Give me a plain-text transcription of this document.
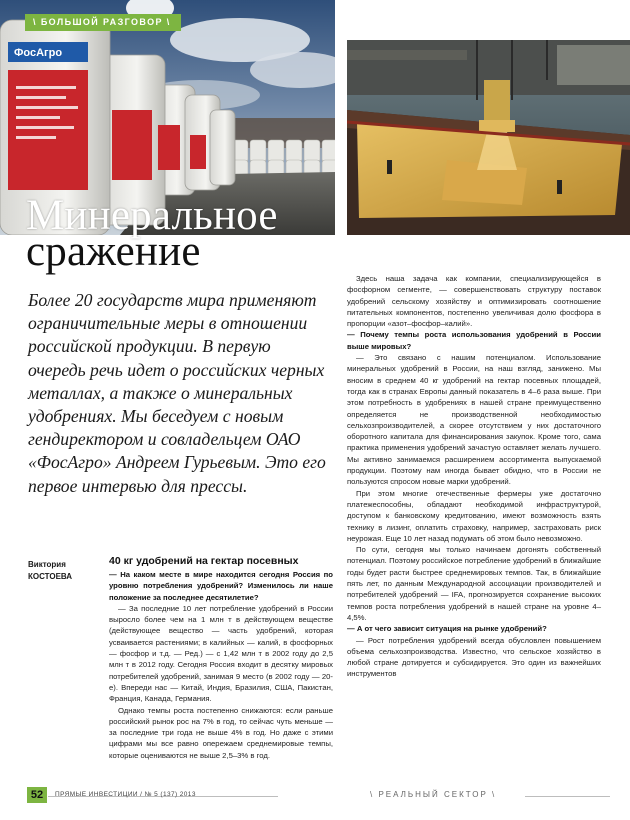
ФосАгро
\ БОЛЬШОЙ РАЗГОВОР \
Минеральное
сражение
Более 20 государств мира применяют ограничительные меры в отношении российской продукции. В первую очередь речь идет о российских черных металлах, а также о минеральных удобрениях. Мы беседуем с новым гендиректором и совладельцем ОАО «ФосАгро» Андреем Гурьевым. Это его первое интервью для прессы.
Виктория
КОСТОЕВА

40 кг удобрений на гектар посевных

— На каком месте в мире находится сегодня Россия по уровню потребления удобрений? Изменилось ли наше положение за последнее десятилетие?

— За последние 10 лет потребление удобрений в России выросло более чем на 1 млн т в действующем веществе (действующее вещество — часть удобрений, которая усваивается растениями; в калийных — калий, в фосфорных — фосфор и т.д. — Ред.) — с 1,42 млн т в 2002 году до 2,5 млн т в 2012 году. Сегодня Россия входит в десятку мировых потребителей удобрений, занимая 9 место (в 2002 году — 20-е). Впереди нас — Китай, Индия, Бразилия, США, Пакистан, Франция, Канада, Германия.

Однако темпы роста постепенно снижаются: если раньше российский рынок рос на 7% в год, то сейчас чуть меньше — за последние три года не выше 4% в год. Но даже с этими цифрами мы все равно опережаем среднемировые темпы, которые оцениваются не выше 2,5–3% в год.

Здесь наша задача как компании, специализирующейся в фосфорном сегменте, — совершенствовать структуру поставок удобрений сельскому хозяйству и оптимизировать соотношение питательных компонентов, постепенно увеличивая долю фосфора в пропорции «азот–фосфор–калий».

— Почему темпы роста использования удобрений в России выше мировых?

— Это связано с нашим потенциалом. Использование минеральных удобрений в России, на наш взгляд, занижено. Мы вносим в среднем 40 кг удобрений на гектар посевных площадей, тогда как в странах Европы данный показатель в 4–6 раза выше. При этом потребность в удобрениях в нашей стране преимущественно определяется не производственной необходимостью сельхозпроизводителей, а скорее отсутствием у них достаточного оборотного капитала для финансирования закупок. Кроме того, сама практика применения удобрений зачастую оставляет желать лучшего. Мы активно занимаемся расширением ассортимента выпускаемой продукции. Поэтому нам иногда бывает обидно, что в России не пользуются спросом новые марки удобрений.

При этом многие отечественные фермеры уже достаточно платежеспособны, обладают необходимой инфраструктурой, доступом к банковскому кредитованию, имеют возможность взять технику в лизинг, оплатить страховку, например, застраховать риск неурожая. Еще 10 лет назад подумать об этом было невозможно.

По сути, сегодня мы только начинаем догонять собственный потенциал. Поэтому российское потребление удобрений в ближайшие годы будет расти быстрее среднемировых темпов. Так, в ближайшие пять лет, по данным Международной ассоциации производителей и потребителей удобрений — IFA, прогнозируется сохранение высоких темпов роста потребления удобрений в нашей стране на уровне 4–4,5%.

— А от чего зависит ситуация на рынке удобрений?

— Рост потребления удобрений всегда обусловлен повышением объема сельхозпроизводства. Известно, что сельское хозяйство в любой стране дотируется и субсидируется. Это один из важнейших инструментов

52	ПРЯМЫЕ ИНВЕСТИЦИИ / № 5 (137) 2013	\ РЕАЛЬНЫЙ СЕКТОР \
